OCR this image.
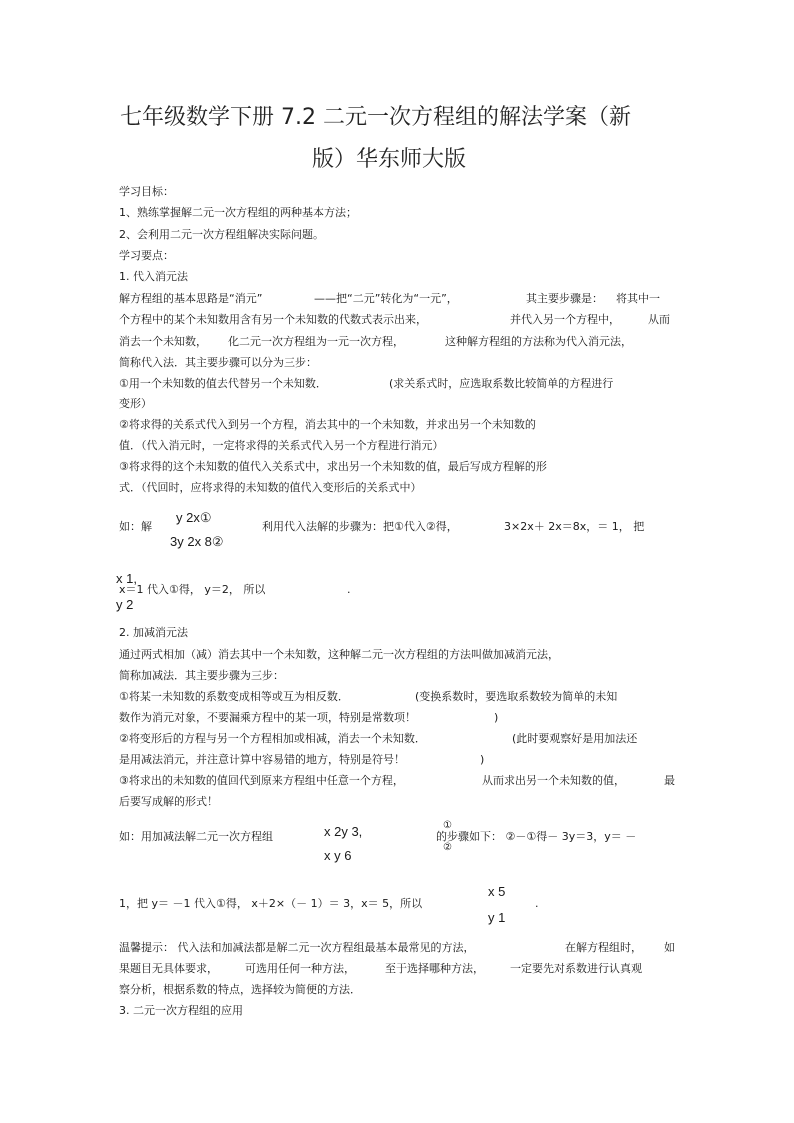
七年级数学下册 7.2 二元一次方程组的解法学案（新
版）华东师大版
学习目标：
1、熟练掌握解二元一次方程组的两种基本方法；
2、会利用二元一次方程组解决实际问题。
学习要点：
1. 代入消元法
解方程组的基本思路是“消元”	——把“二元”转化为“一元”，	其主要步骤是： 将其中一
个方程中的某个未知数用含有另一个未知数的代数式表示出来，	并代入另一个方程中，	从而
消去一个未知数， 化二元一次方程组为一元一次方程，	这种解方程组的方法称为代入消元法，
简称代入法．其主要步骤可以分为三步：
①用一个未知数的值去代替另一个未知数．	(求关系式时，应选取系数比较简单的方程进行
变形）
②将求得的关系式代入到另一个方程，消去其中的一个未知数，并求出另一个未知数的
值．（代入消元时，一定将求得的关系式代入另一个方程进行消元）
③将求得的这个未知数的值代入关系式中，求出另一个未知数的值，最后写成方程解的形
式．（代回时，应将求得的未知数的值代入变形后的关系式中）
如：解
y 2x①
3y 2x 8②
利用代入法解的步骤为：把①代入②得，	3×2x＋ 2x＝8x，＝ 1， 把
x 1,
x＝1 代入①得， y＝2， 所以	.
y 2
2. 加减消元法
通过两式相加（减）消去其中一个未知数，这种解二元一次方程组的方法叫做加减消元法，
简称加减法．其主要步骤为三步：
①将某一未知数的系数变成相等或互为相反数．	(变换系数时，要选取系数较为简单的未知
数作为消元对象，不要漏乘方程中的某一项，特别是常数项！	)
②将变形后的方程与另一个方程相加或相减，消去一个未知数．	(此时要观察好是用加法还
是用减法消元，并注意计算中容易错的地方，特别是符号！	)
③将求出的未知数的值回代到原来方程组中任意一个方程，	从而求出另一个未知数的值，	最
后要写成解的形式！
如：用加减法解二元一次方程组	x 2y 3,
x y 6
①
②
的步骤如下： ②－①得－ 3y＝3，y＝ －
x 5
1，把 y＝ －1 代入①得， x＋2×（－ 1）＝ 3，x＝ 5，所以	.
y 1
温馨提示： 代入法和加减法都是解二元一次方程组最基本最常见的方法，	在解方程组时， 如
果题目无具体要求， 可选用任何一种方法，	至于选择哪种方法， 一定要先对系数进行认真观
察分析，根据系数的特点，选择较为简便的方法．
3. 二元一次方程组的应用
